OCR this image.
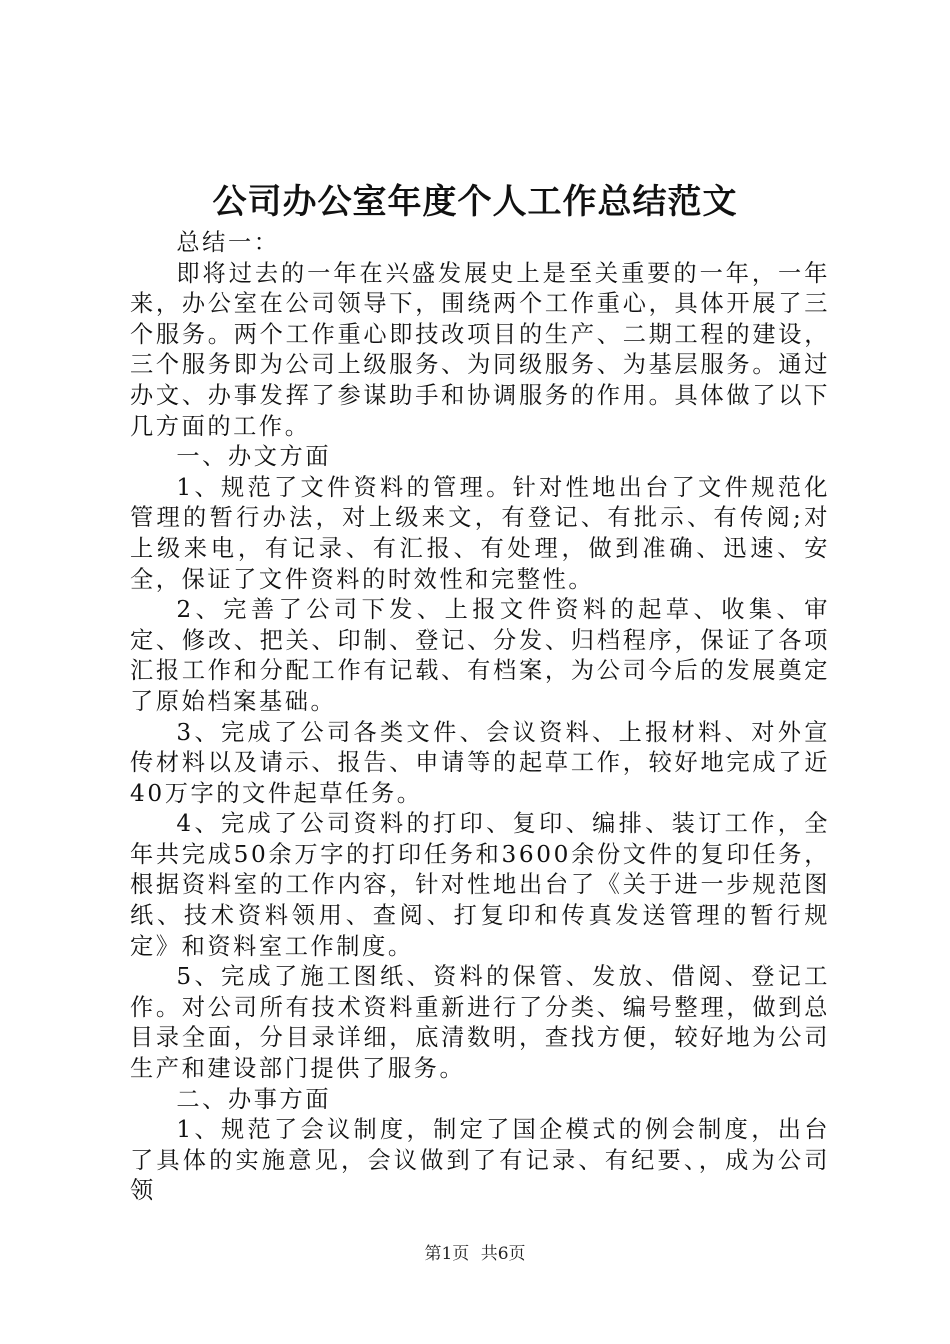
公司办公室年度个人工作总结范文

总结一：

即将过去的一年在兴盛发展史上是至关重要的一年，一年来，办公室在公司领导下，围绕两个工作重心，具体开展了三个服务。两个工作重心即技改项目的生产、二期工程的建设，三个服务即为公司上级服务、为同级服务、为基层服务。通过办文、办事发挥了参谋助手和协调服务的作用。具体做了以下几方面的工作。

一、办文方面

1、规范了文件资料的管理。针对性地出台了文件规范化管理的暂行办法，对上级来文，有登记、有批示、有传阅;对上级来电，有记录、有汇报、有处理，做到准确、迅速、安全，保证了文件资料的时效性和完整性。

2、完善了公司下发、上报文件资料的起草、收集、审定、修改、把关、印制、登记、分发、归档程序，保证了各项汇报工作和分配工作有记载、有档案，为公司今后的发展奠定了原始档案基础。

3、完成了公司各类文件、会议资料、上报材料、对外宣传材料以及请示、报告、申请等的起草工作，较好地完成了近40万字的文件起草任务。

4、完成了公司资料的打印、复印、编排、装订工作，全年共完成50余万字的打印任务和3600余份文件的复印任务，根据资料室的工作内容，针对性地出台了《关于进一步规范图纸、技术资料领用、查阅、打复印和传真发送管理的暂行规定》和资料室工作制度。

5、完成了施工图纸、资料的保管、发放、借阅、登记工作。对公司所有技术资料重新进行了分类、编号整理，做到总目录全面，分目录详细，底清数明，查找方便，较好地为公司生产和建设部门提供了服务。

二、办事方面

1、规范了会议制度，制定了国企模式的例会制度，出台了具体的实施意见，会议做到了有记录、有纪要、，成为公司领

第1页 共6页
